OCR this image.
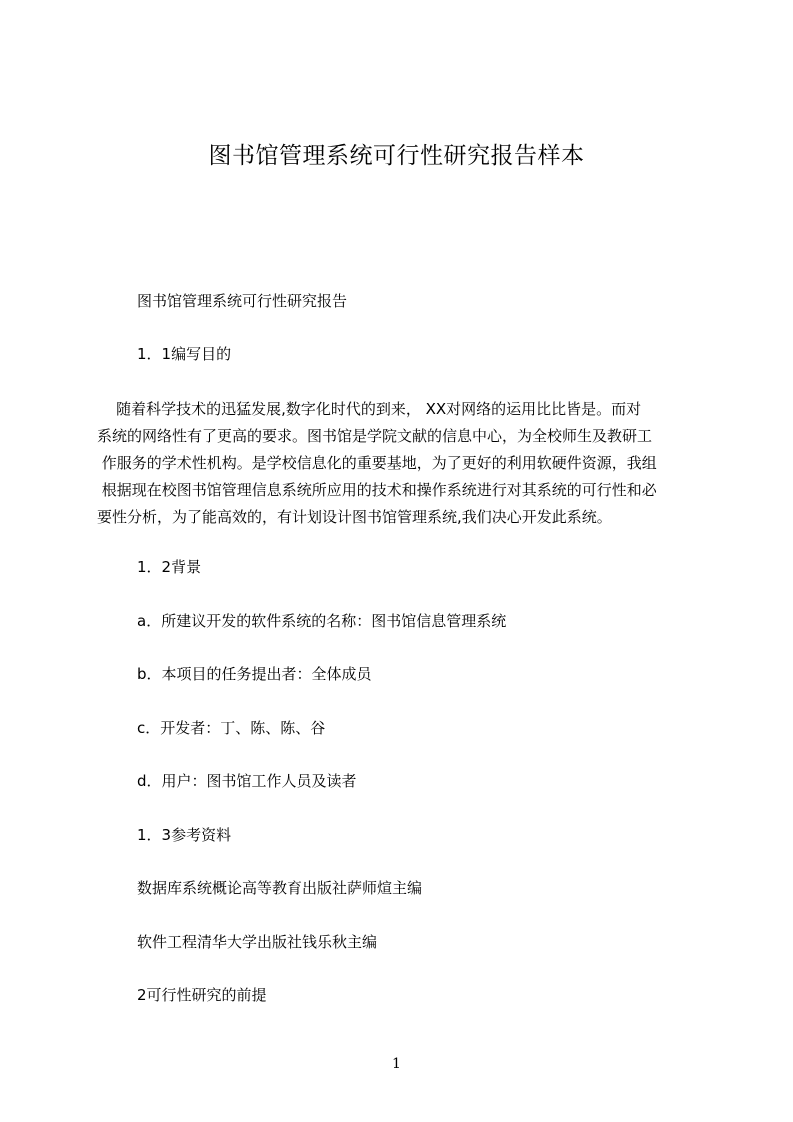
图书馆管理系统可行性研究报告样本
图书馆管理系统可行性研究报告
1．1编写目的
随着科学技术的迅猛发展,数字化时代的到来， XX对网络的运用比比皆是。而对
系统的网络性有了更高的要求。图书馆是学院文献的信息中心，为全校师生及教研工
作服务的学术性机构。是学校信息化的重要基地，为了更好的利用软硬件资源，我组
根据现在校图书馆管理信息系统所应用的技术和操作系统进行对其系统的可行性和必
要性分析，为了能高效的，有计划设计图书馆管理系统,我们决心开发此系统。
1．2背景
a．所建议开发的软件系统的名称：图书馆信息管理系统
b．本项目的任务提出者：全体成员
c．开发者：丁、陈、陈、谷
d．用户：图书馆工作人员及读者
1．3参考资料
数据库系统概论高等教育出版社萨师煊主编
软件工程清华大学出版社钱乐秋主编
2可行性研究的前提
1
